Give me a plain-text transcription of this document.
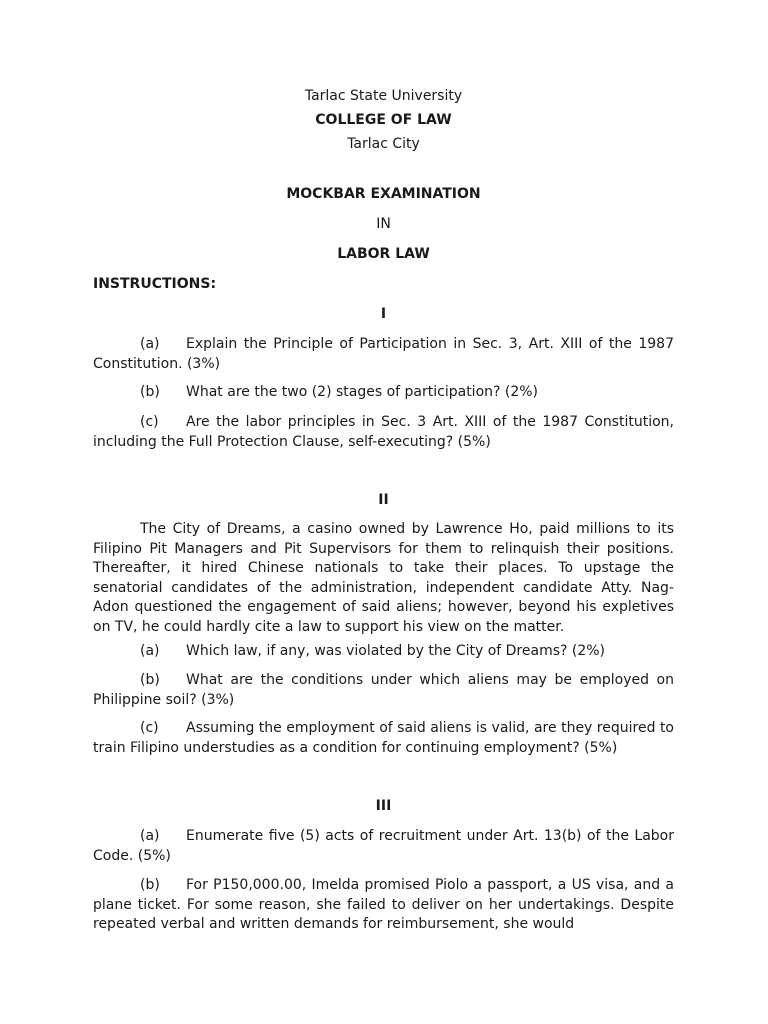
Tarlac State University
COLLEGE OF LAW
Tarlac City
MOCKBAR EXAMINATION
IN
LABOR LAW
INSTRUCTIONS:
I

(a) Explain the Principle of Participation in Sec. 3, Art. XIII of the 1987 Constitution. (3%)

(b) What are the two (2) stages of participation? (2%)

(c) Are the labor principles in Sec. 3 Art. XIII of the 1987 Constitution, including the Full Protection Clause, self-executing? (5%)

II

The City of Dreams, a casino owned by Lawrence Ho, paid millions to its Filipino Pit Managers and Pit Supervisors for them to relinquish their positions. Thereafter, it hired Chinese nationals to take their places. To upstage the senatorial candidates of the administration, independent candidate Atty. Nag-Adon questioned the engagement of said aliens; however, beyond his expletives on TV, he could hardly cite a law to support his view on the matter.

(a) Which law, if any, was violated by the City of Dreams? (2%)

(b) What are the conditions under which aliens may be employed on Philippine soil? (3%)

(c) Assuming the employment of said aliens is valid, are they required to train Filipino understudies as a condition for continuing employment? (5%)

III

(a) Enumerate five (5) acts of recruitment under Art. 13(b) of the Labor Code. (5%)

(b) For P150,000.00, Imelda promised Piolo a passport, a US visa, and a plane ticket. For some reason, she failed to deliver on her undertakings. Despite repeated verbal and written demands for reimbursement, she would
